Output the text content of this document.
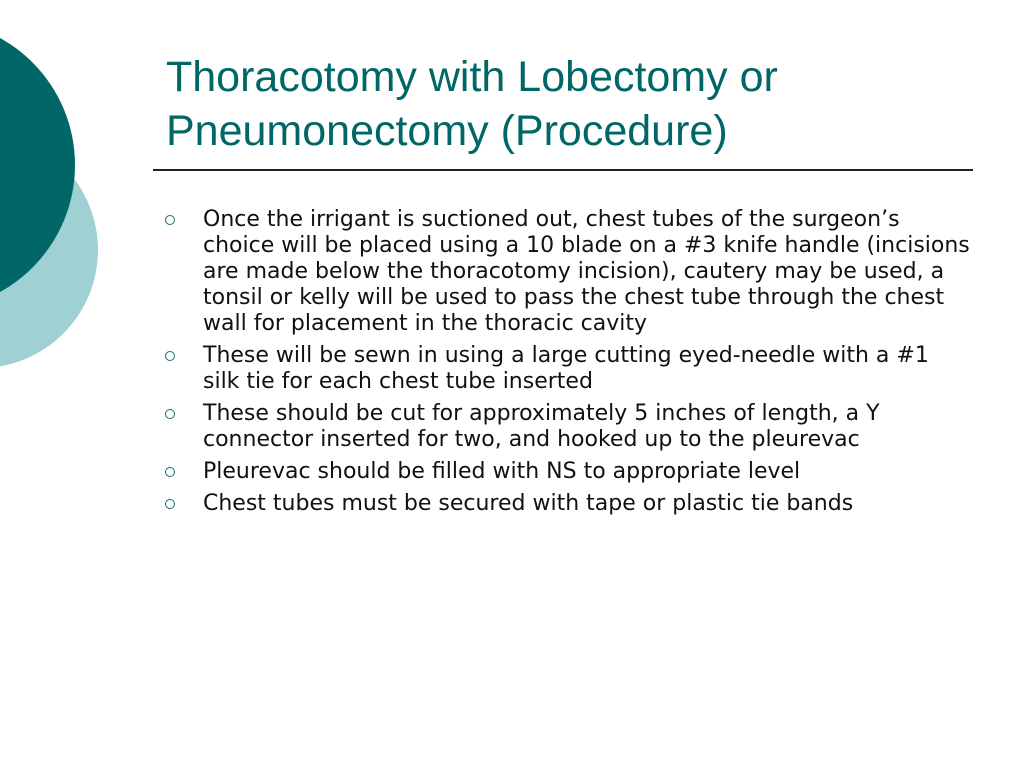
Thoracotomy with Lobectomy or
Pneumonectomy (Procedure)
Once the irrigant is suctioned out, chest tubes of the surgeon’s choice will be placed using a 10 blade on a #3 knife handle (incisions are made below the thoracotomy incision), cautery may be used, a tonsil or kelly will be used to pass the chest tube through the chest wall for placement in the thoracic cavity
These will be sewn in using a large cutting eyed-needle with a #1 silk tie for each chest tube inserted
These should be cut for approximately 5 inches of length, a Y connector inserted for two, and hooked up to the pleurevac
Pleurevac should be filled with NS to appropriate level
Chest tubes must be secured with tape or plastic tie bands
